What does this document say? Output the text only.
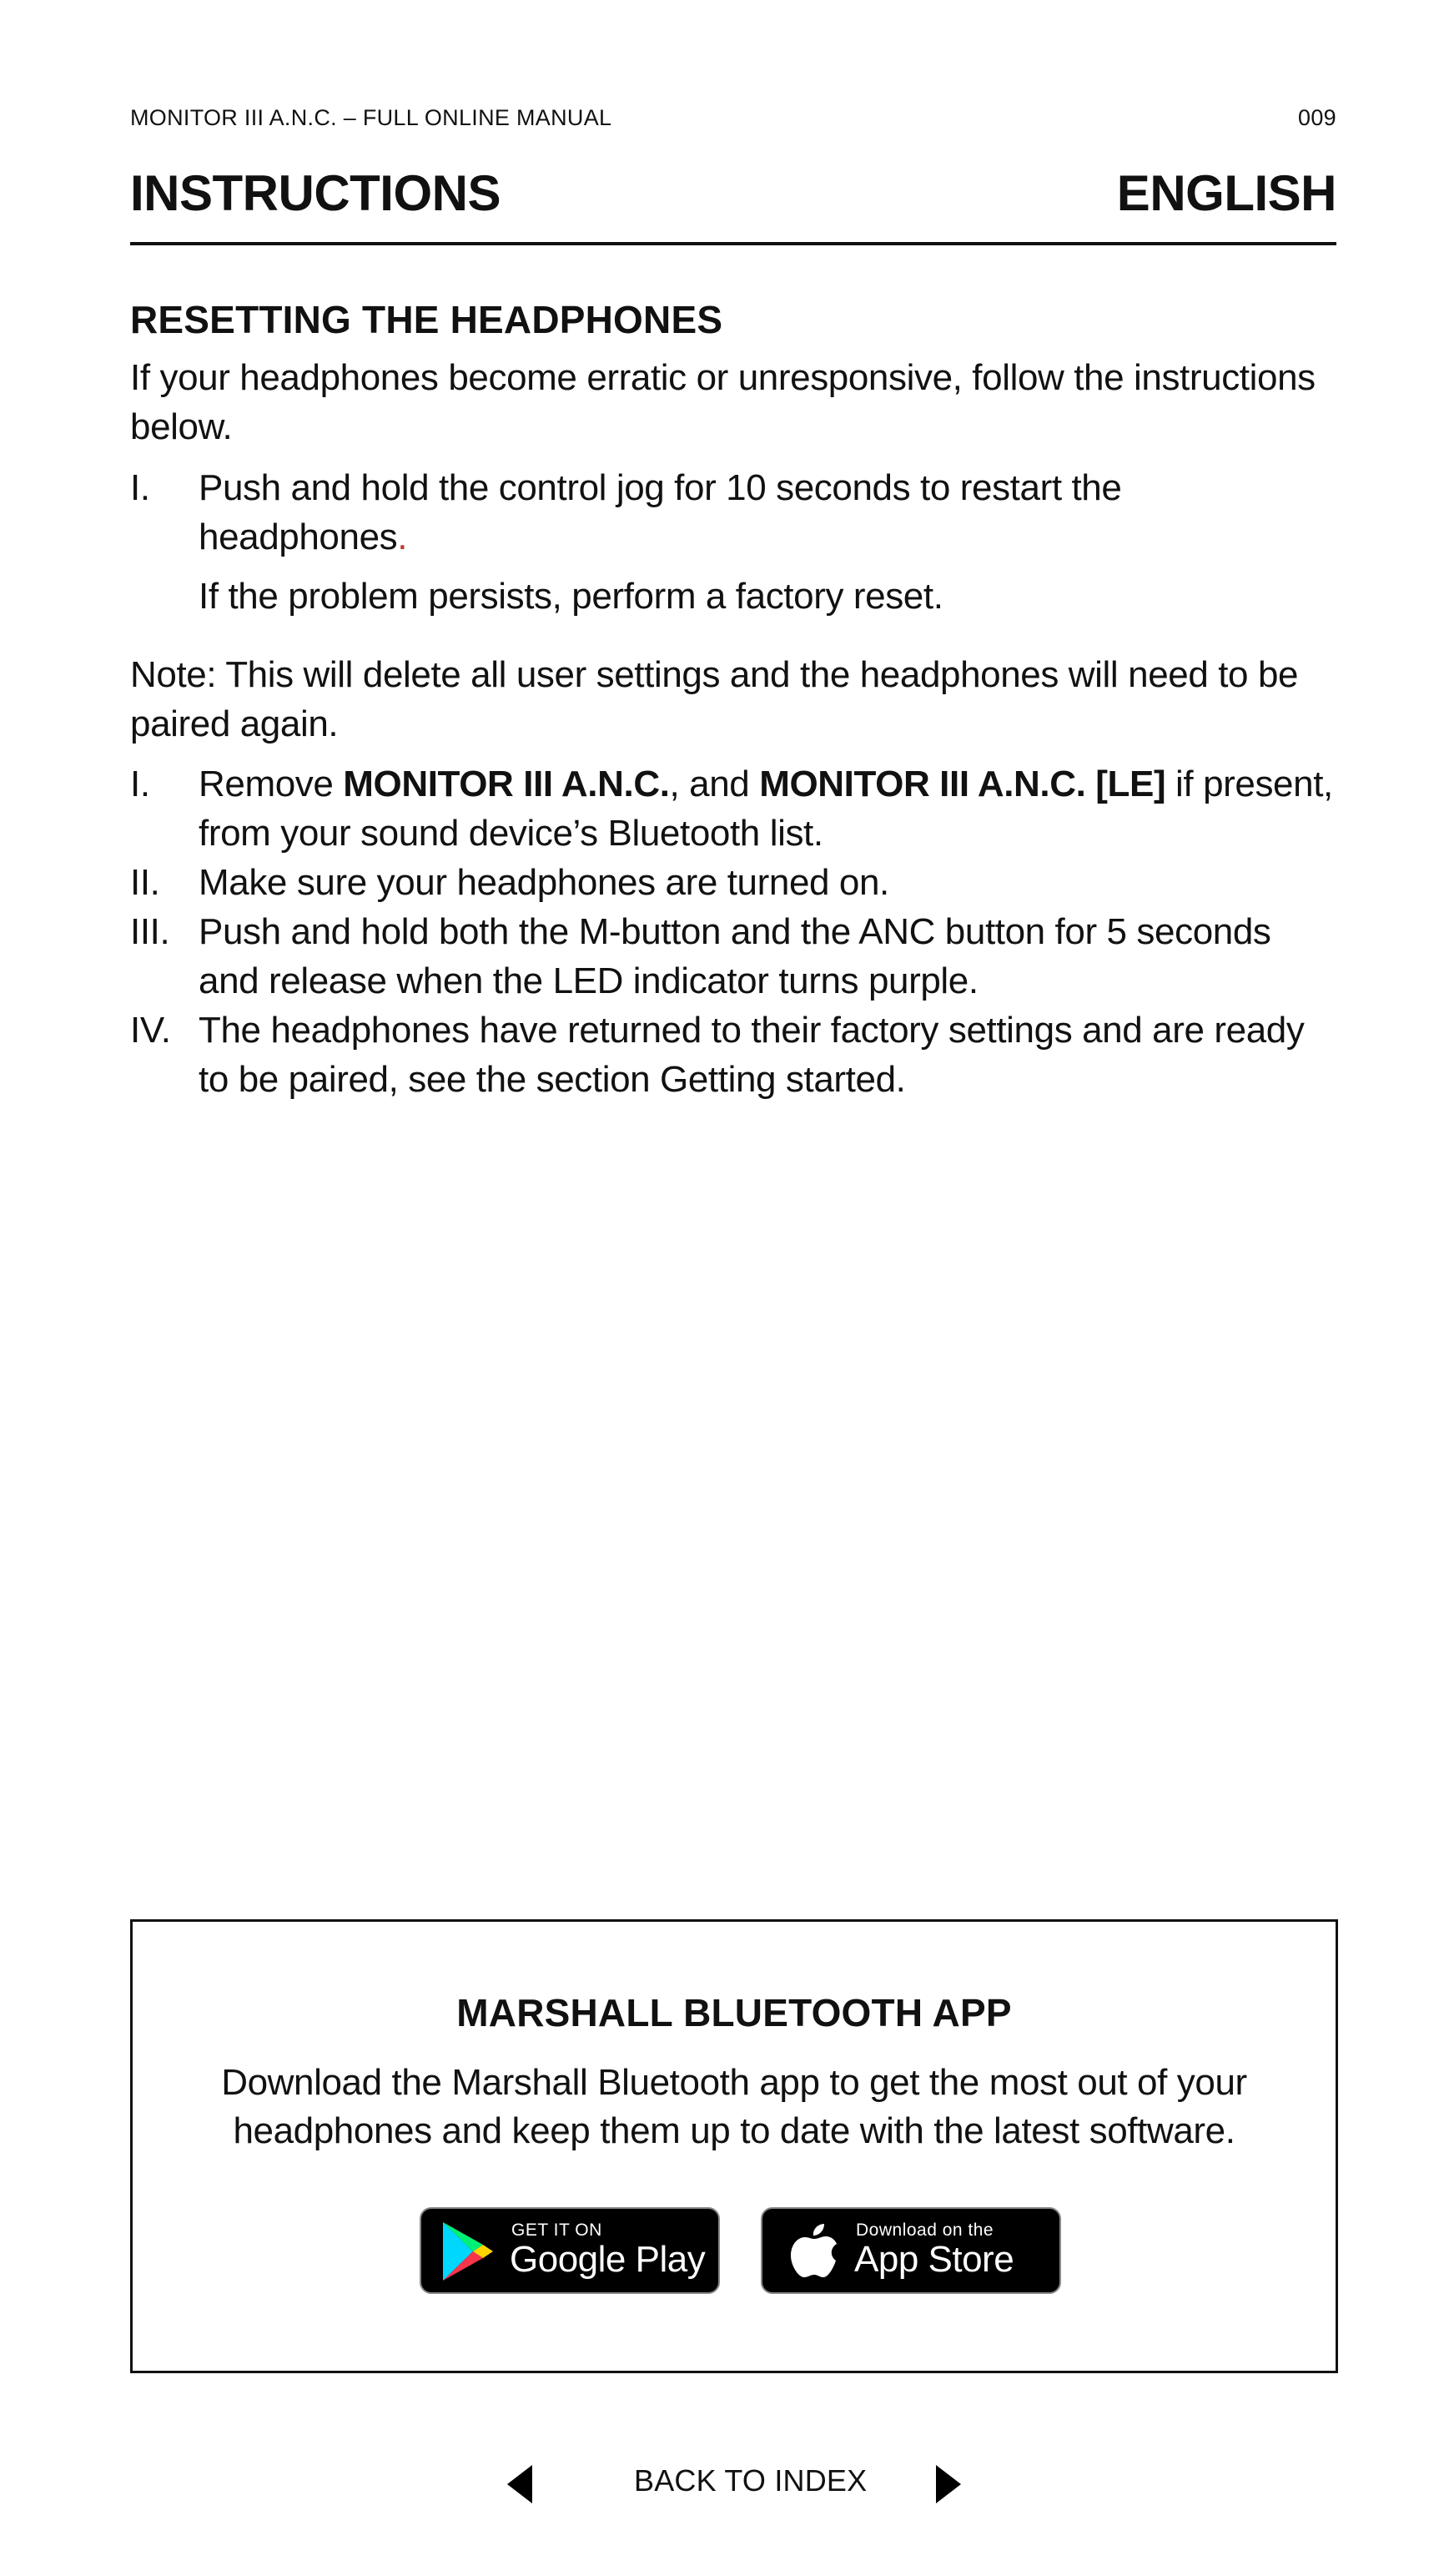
MONITOR III A.N.C. – FULL ONLINE MANUAL	009
INSTRUCTIONS	ENGLISH
RESETTING THE HEADPHONES

If your headphones become erratic or unresponsive, follow the instructions below.

I.	Push and hold the control jog for 10 seconds to restart the headphones.

If the problem persists, perform a factory reset.

Note: This will delete all user settings and the headphones will need to be paired again.

I.	Remove MONITOR III A.N.C., and MONITOR III A.N.C. [LE] if present, from your sound device’s Bluetooth list.
II.	Make sure your headphones are turned on.
III. Push and hold both the M-button and the ANC button for 5 seconds and release when the LED indicator turns purple.
IV. The headphones have returned to their factory settings and are ready to be paired, see the section Getting started.
MARSHALL BLUETOOTH APP
Download the Marshall Bluetooth app to get the most out of your headphones and keep them up to date with the latest software.
GET IT ON
Google Play
Download on the
App Store
BACK TO INDEX
